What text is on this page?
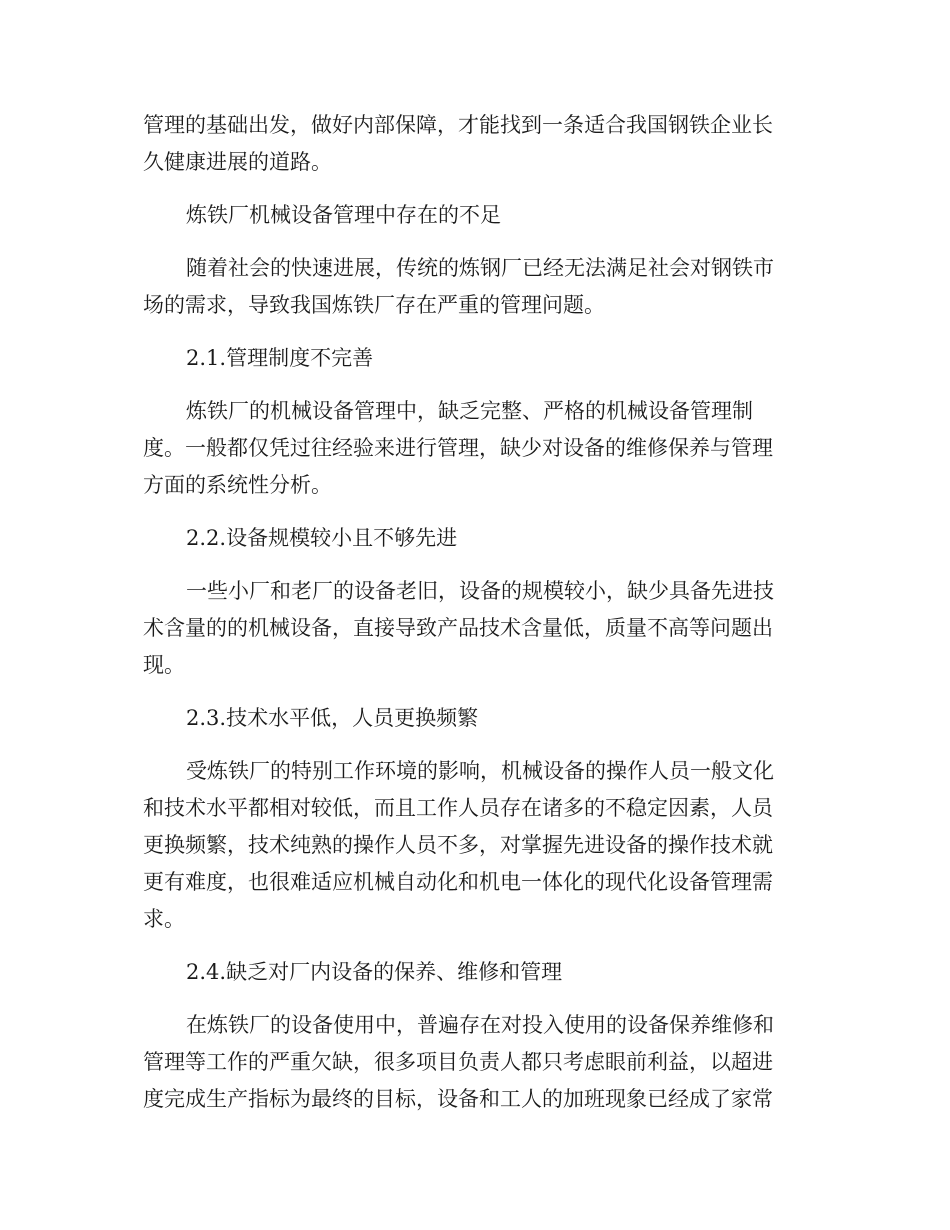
管理的基础出发，做好内部保障，才能找到一条适合我国钢铁企业长
久健康进展的道路。
炼铁厂机械设备管理中存在的不足
随着社会的快速进展，传统的炼钢厂已经无法满足社会对钢铁市
场的需求，导致我国炼铁厂存在严重的管理问题。
2.1.管理制度不完善
炼铁厂的机械设备管理中，缺乏完整、严格的机械设备管理制
度。一般都仅凭过往经验来进行管理，缺少对设备的维修保养与管理
方面的系统性分析。
2.2.设备规模较小且不够先进
一些小厂和老厂的设备老旧，设备的规模较小，缺少具备先进技
术含量的的机械设备，直接导致产品技术含量低，质量不高等问题出
现。
2.3.技术水平低，人员更换频繁
受炼铁厂的特别工作环境的影响，机械设备的操作人员一般文化
和技术水平都相对较低，而且工作人员存在诸多的不稳定因素，人员
更换频繁，技术纯熟的操作人员不多，对掌握先进设备的操作技术就
更有难度，也很难适应机械自动化和机电一体化的现代化设备管理需
求。
2.4.缺乏对厂内设备的保养、维修和管理
在炼铁厂的设备使用中，普遍存在对投入使用的设备保养维修和
管理等工作的严重欠缺，很多项目负责人都只考虑眼前利益，以超进
度完成生产指标为最终的目标，设备和工人的加班现象已经成了家常
